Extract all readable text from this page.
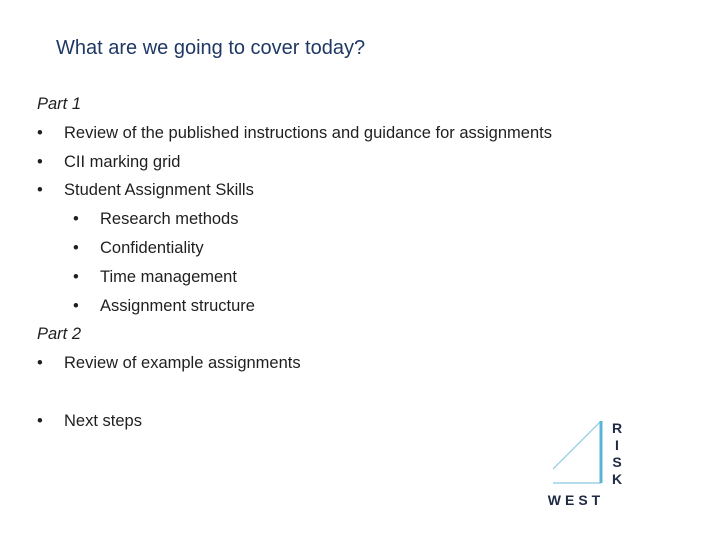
What are we going to cover today?
Part 1
•	Review of the published instructions and guidance for assignments
•	CII marking grid
•	Student Assignment Skills
•	Research methods
•	Confidentiality
•	Time management
•	Assignment structure
Part 2
•	Review of example assignments
•	Next steps	R
I
S
K
WEST
